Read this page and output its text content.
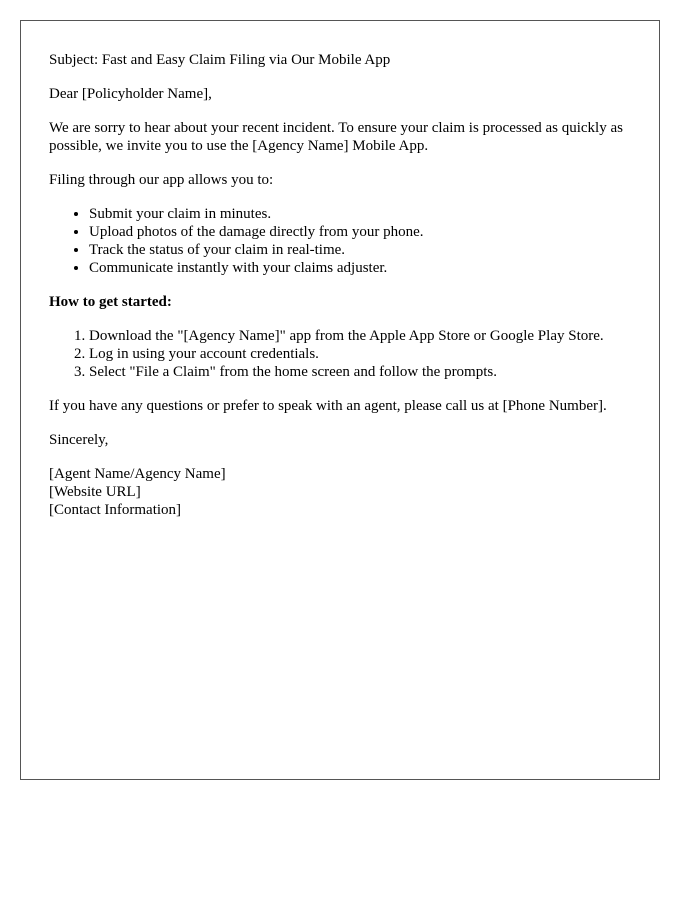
Subject: Fast and Easy Claim Filing via Our Mobile App

Dear [Policyholder Name],

We are sorry to hear about your recent incident. To ensure your claim is processed as quickly as possible, we invite you to use the [Agency Name] Mobile App.

Filing through our app allows you to:

• Submit your claim in minutes.
• Upload photos of the damage directly from your phone.
• Track the status of your claim in real-time.
• Communicate instantly with your claims adjuster.

How to get started:

1. Download the "[Agency Name]" app from the Apple App Store or Google Play Store.
2. Log in using your account credentials.
3. Select "File a Claim" from the home screen and follow the prompts.

If you have any questions or prefer to speak with an agent, please call us at [Phone Number].

Sincerely,

[Agent Name/Agency Name]
[Website URL]
[Contact Information]
